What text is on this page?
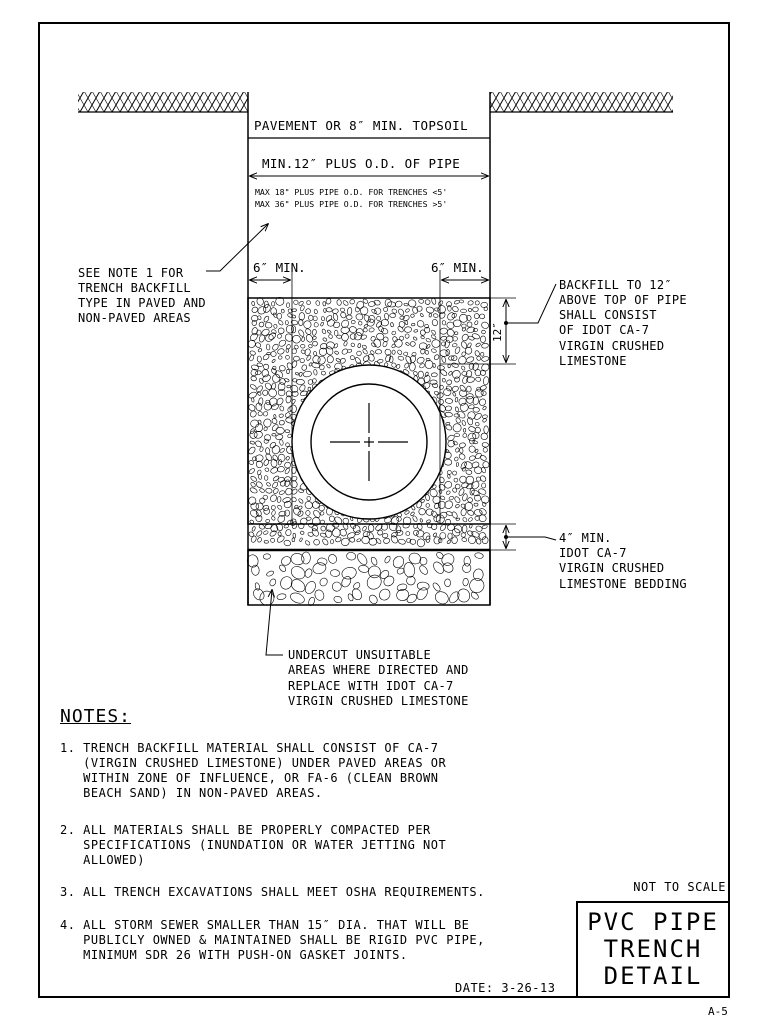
PAVEMENT OR 8″ MIN. TOPSOIL
MIN.12″ PLUS O.D. OF PIPE
MAX 18" PLUS PIPE O.D. FOR TRENCHES <5'
MAX 36" PLUS PIPE O.D. FOR TRENCHES >5'
6″ MIN.	6″ MIN.
SEE NOTE 1 FOR
TRENCH BACKFILL
TYPE IN PAVED AND
NON-PAVED AREAS
12″
BACKFILL TO 12″
ABOVE TOP OF PIPE
SHALL CONSIST
OF IDOT CA-7
VIRGIN CRUSHED
LIMESTONE
4″ MIN.
IDOT CA-7
VIRGIN CRUSHED
LIMESTONE BEDDING
UNDERCUT UNSUITABLE
AREAS WHERE DIRECTED AND
REPLACE WITH IDOT CA-7
VIRGIN CRUSHED LIMESTONE
NOTES:
1. TRENCH BACKFILL MATERIAL SHALL CONSIST OF CA-7
(VIRGIN CRUSHED LIMESTONE) UNDER PAVED AREAS OR
WITHIN ZONE OF INFLUENCE, OR FA-6 (CLEAN BROWN
BEACH SAND) IN NON-PAVED AREAS.
2. ALL MATERIALS SHALL BE PROPERLY COMPACTED PER
SPECIFICATIONS (INUNDATION OR WATER JETTING NOT
ALLOWED)
3. ALL TRENCH EXCAVATIONS SHALL MEET OSHA REQUIREMENTS.
4. ALL STORM SEWER SMALLER THAN 15″ DIA. THAT WILL BE
PUBLICLY OWNED & MAINTAINED SHALL BE RIGID PVC PIPE,
MINIMUM SDR 26 WITH PUSH-ON GASKET JOINTS.
NOT TO SCALE
PVC PIPE
TRENCH
DETAIL
DATE: 3-26-13
A-5
